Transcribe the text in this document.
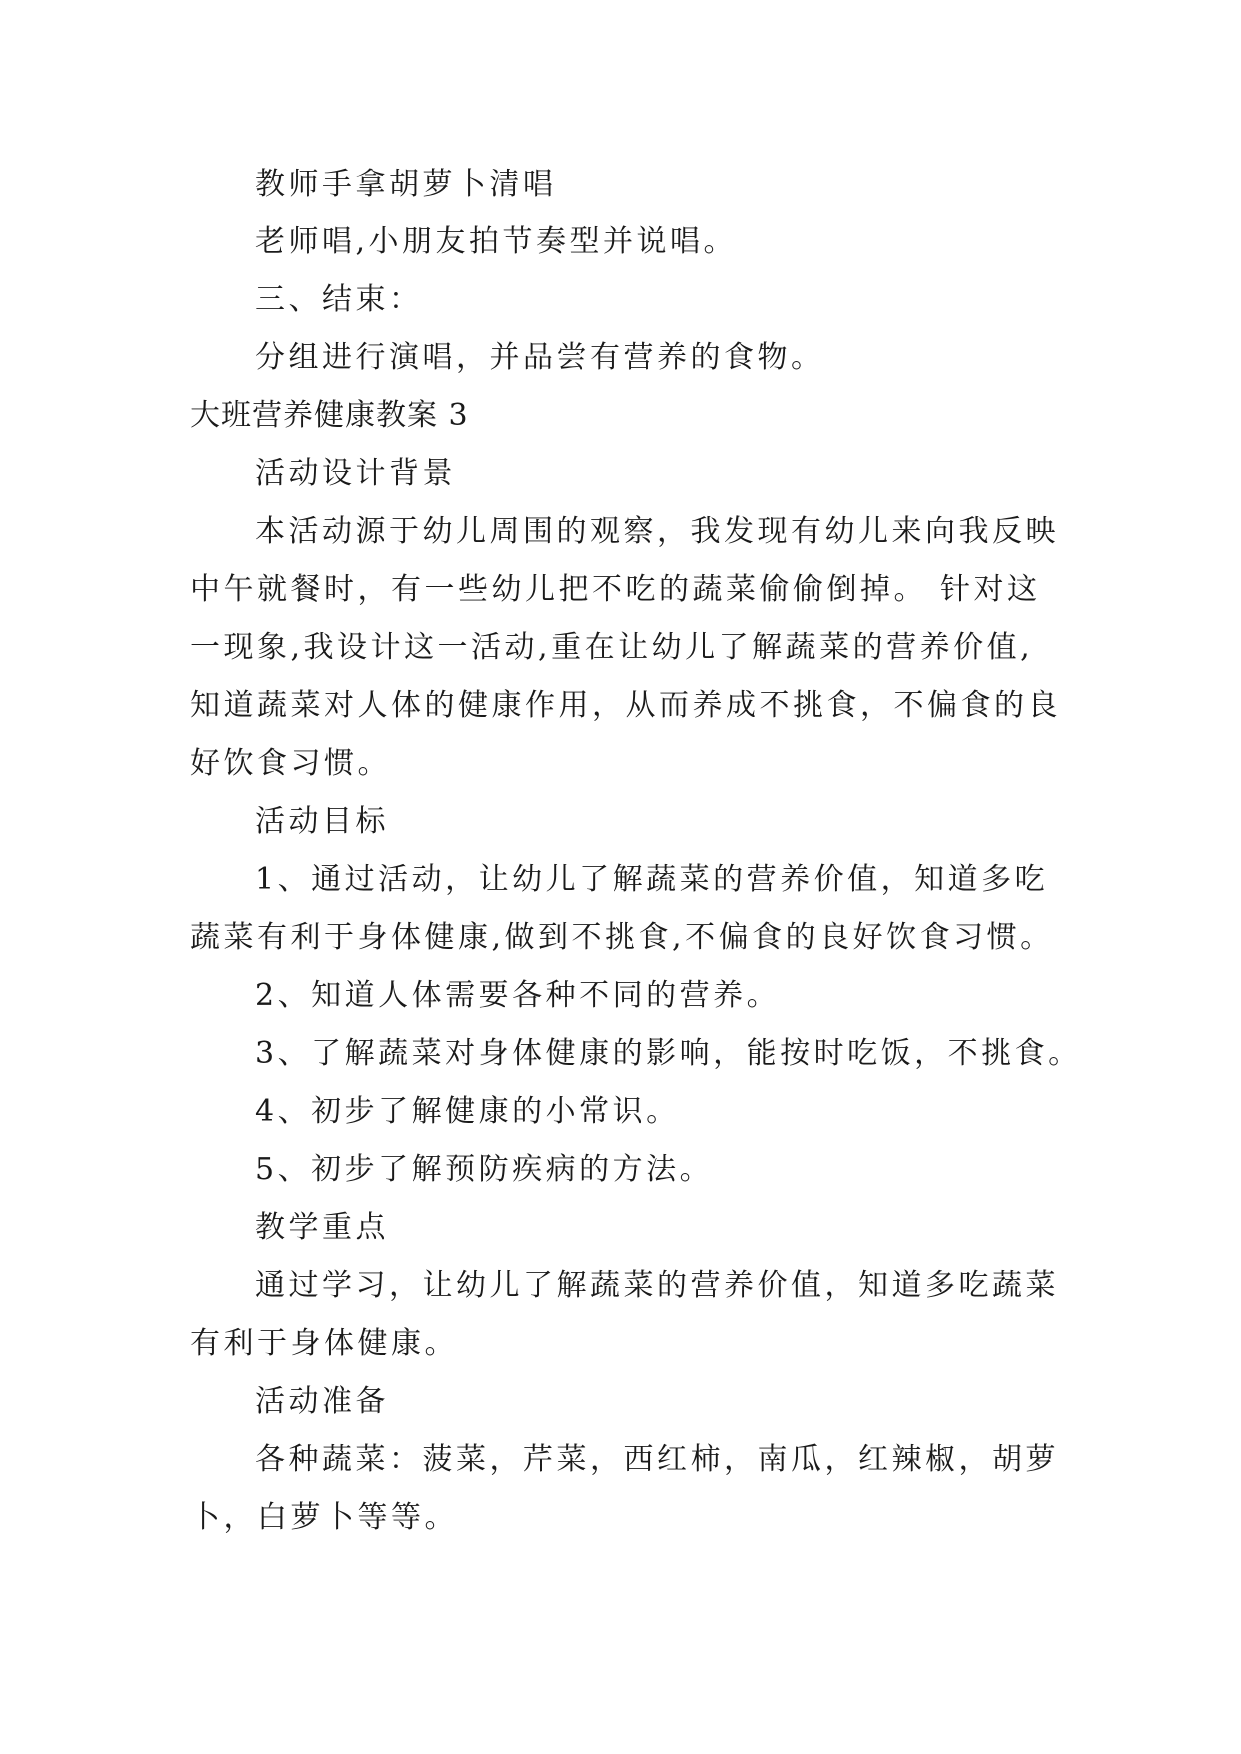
教师手拿胡萝卜清唱
老师唱,小朋友拍节奏型并说唱。
三、结束：
分组进行演唱，并品尝有营养的食物。
大班营养健康教案 3
活动设计背景
本活动源于幼儿周围的观察，我发现有幼儿来向我反映
中午就餐时，有一些幼儿把不吃的蔬菜偷偷倒掉。 针对这
一现象,我设计这一活动,重在让幼儿了解蔬菜的营养价值,
知道蔬菜对人体的健康作用，从而养成不挑食，不偏食的良
好饮食习惯。
活动目标
1、通过活动，让幼儿了解蔬菜的营养价值，知道多吃
蔬菜有利于身体健康,做到不挑食,不偏食的良好饮食习惯。
2、知道人体需要各种不同的营养。
3、了解蔬菜对身体健康的影响，能按时吃饭，不挑食。
4、初步了解健康的小常识。
5、初步了解预防疾病的方法。
教学重点
通过学习，让幼儿了解蔬菜的营养价值，知道多吃蔬菜
有利于身体健康。
活动准备
各种蔬菜：菠菜，芹菜，西红柿，南瓜，红辣椒，胡萝
卜，白萝卜等等。
